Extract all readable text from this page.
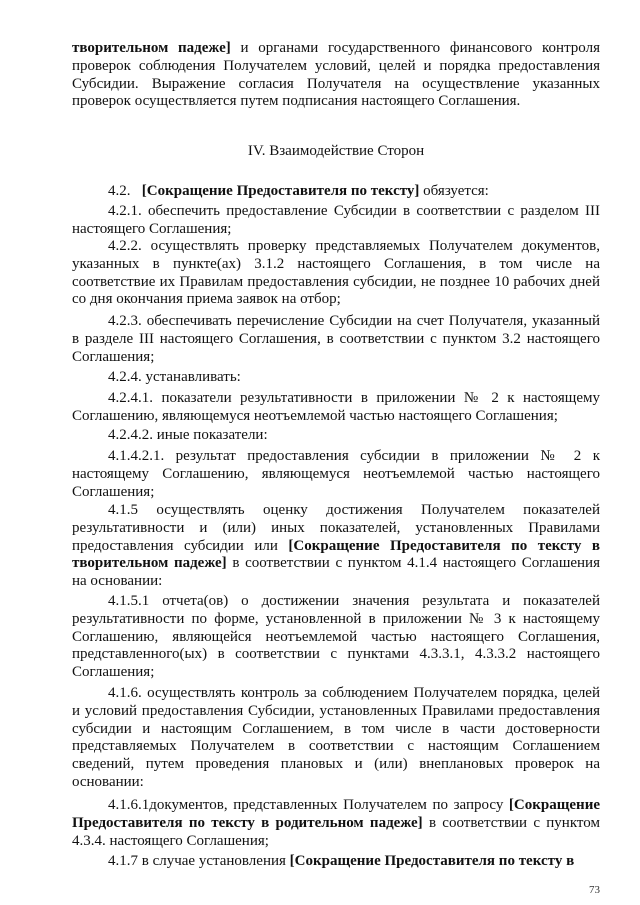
творительном падеже] и органами государственного финансового контроля проверок соблюдения Получателем условий, целей и порядка предоставления Субсидии. Выражение согласия Получателя на осуществление указанных проверок осуществляется путем подписания настоящего Соглашения.

IV. Взаимодействие Сторон

4.2.   [Сокращение Предоставителя по тексту] обязуется:

4.2.1. обеспечить предоставление Субсидии в соответствии с разделом III настоящего Соглашения;

4.2.2. осуществлять проверку представляемых Получателем документов, указанных в пункте(ах) 3.1.2 настоящего Соглашения, в том числе на соответствие их Правилам предоставления субсидии, не позднее 10 рабочих дней со дня окончания приема заявок на отбор;

4.2.3. обеспечивать перечисление Субсидии на счет Получателя, указанный в разделе III настоящего Соглашения, в соответствии с пунктом 3.2 настоящего Соглашения;

4.2.4. устанавливать:

4.2.4.1. показатели результативности в приложении № 2 к настоящему Соглашению, являющемуся неотъемлемой частью настоящего Соглашения;

4.2.4.2. иные показатели:

4.1.4.2.1. результат предоставления субсидии в приложении № 2 к настоящему Соглашению, являющемуся неотъемлемой частью настоящего Соглашения;

4.1.5 осуществлять оценку достижения Получателем показателей результативности и (или) иных показателей, установленных Правилами предоставления субсидии или [Сокращение Предоставителя по тексту в творительном падеже] в соответствии с пунктом 4.1.4 настоящего Соглашения на основании:

4.1.5.1 отчета(ов) о достижении значения результата и показателей результативности по форме, установленной в приложении № 3 к настоящему Соглашению, являющейся неотъемлемой частью настоящего Соглашения, представленного(ых) в соответствии с пунктами 4.3.3.1, 4.3.3.2 настоящего Соглашения;

4.1.6. осуществлять контроль за соблюдением Получателем порядка, целей и условий предоставления Субсидии, установленных Правилами предоставления субсидии и настоящим Соглашением, в том числе в части достоверности представляемых Получателем в соответствии с настоящим Соглашением сведений, путем проведения плановых и (или) внеплановых проверок на основании:

4.1.6.1документов, представленных Получателем по запросу [Сокращение Предоставителя по тексту в родительном падеже] в соответствии с пунктом 4.3.4. настоящего Соглашения;

4.1.7 в случае установления [Сокращение Предоставителя по тексту в

73
